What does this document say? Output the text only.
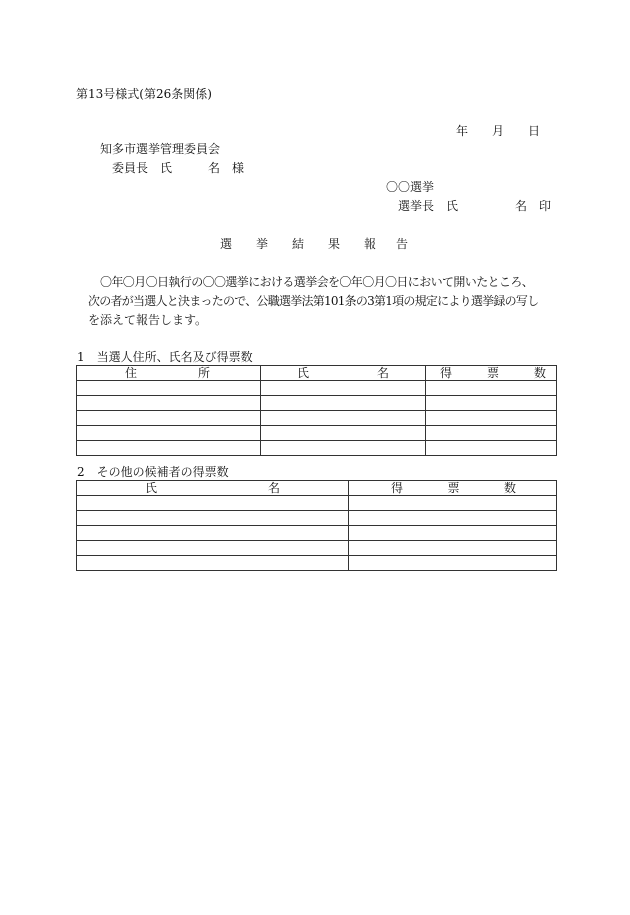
第13号様式(第26条関係)
年 月 日
知多市選挙管理委員会
委員長 氏	名 様
〇〇選挙
選挙長 氏	名 印
選 挙 結 果 報 告
〇年〇月〇日執行の〇〇選挙における選挙会を〇年〇月〇日において開いたところ、
次の者が当選人と決まったので、公職選挙法第101条の3第1項の規定により選挙録の写し
を添えて報告します。
1　当選人住所、氏名及び得票数
住 所	氏 名	得 票 数

2　その他の候補者の得票数
氏 名	得 票 数
